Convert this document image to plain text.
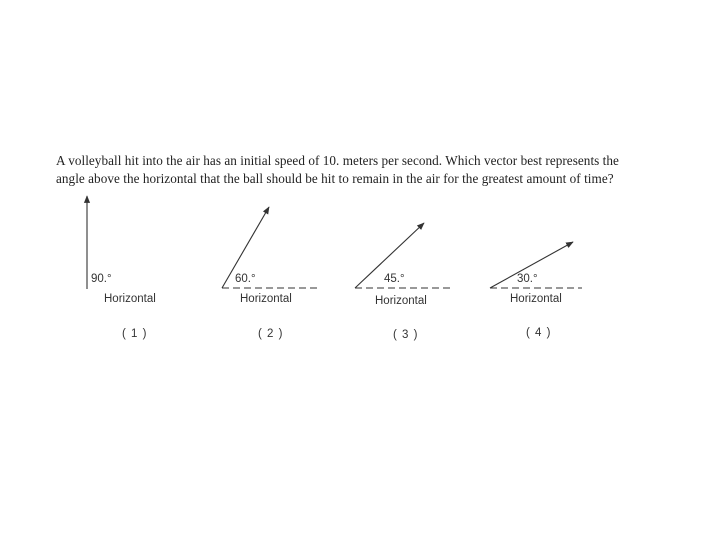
A volleyball hit into the air has an initial speed of 10. meters per second. Which vector best represents the
angle above the horizontal that the ball should be hit to remain in the air for the greatest amount of time?
90.°
Horizontal
( 1 )
60.°
Horizontal
( 2 )
45.°
Horizontal
( 3 )
30.°
Horizontal
( 4 )
